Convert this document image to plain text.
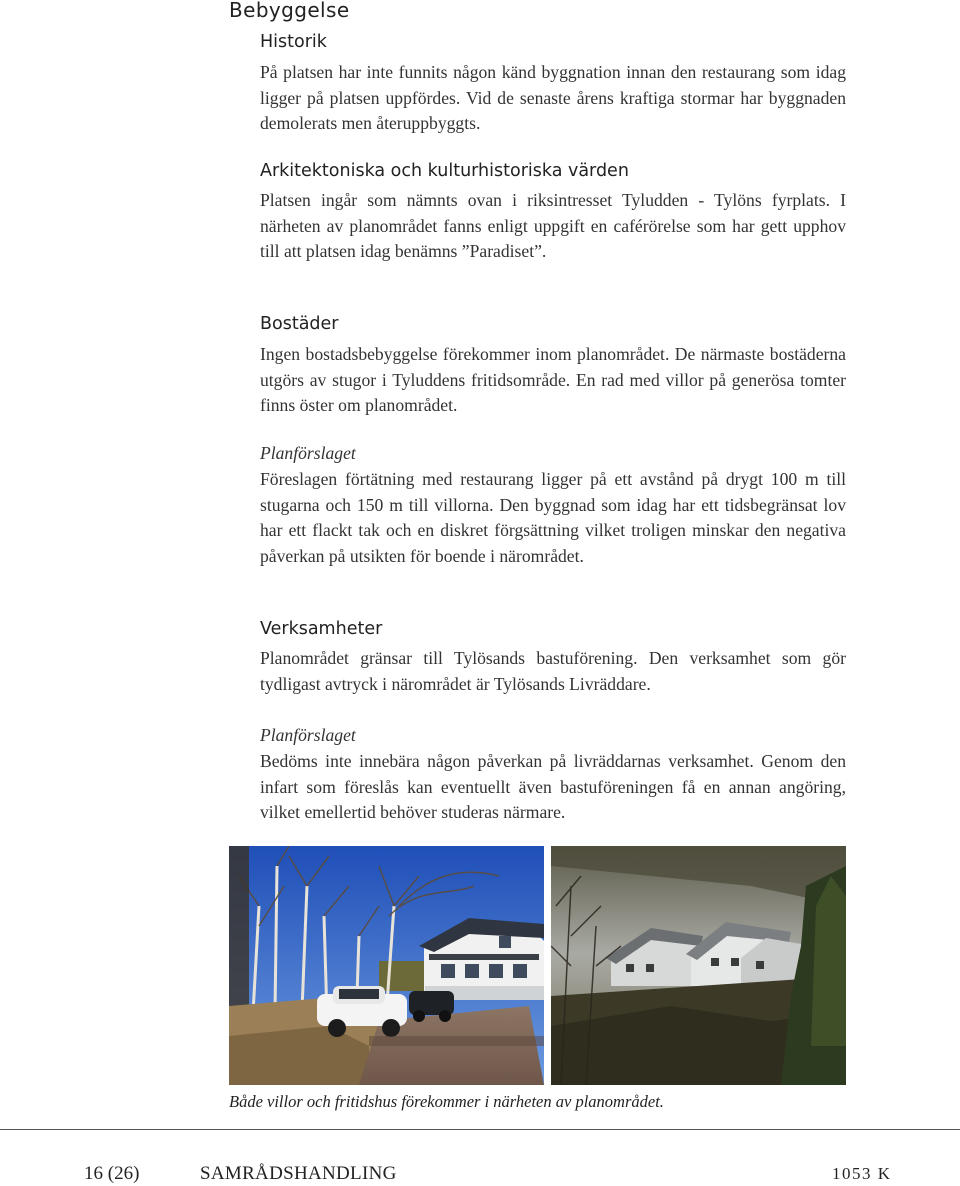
Bebyggelse
Historik

På platsen har inte funnits någon känd byggnation innan den restaurang som idag ligger på platsen uppfördes. Vid de senaste årens kraftiga stormar har byggnaden demolerats men återuppbyggts.

Arkitektoniska och kulturhistoriska värden

Platsen ingår som nämnts ovan i riksintresset Tyludden - Tylöns fyrplats. I närheten av planområdet fanns enligt uppgift en caférörelse som har gett upphov till att platsen idag benämns ”Paradiset”.

Bostäder

Ingen bostadsbebyggelse förekommer inom planområdet. De närmaste bostäderna utgörs av stugor i Tyluddens fritidsområde. En rad med villor på generösa tomter finns öster om planområdet.

Planförslaget

Föreslagen förtätning med restaurang ligger på ett avstånd på drygt 100 m till stugarna och 150 m till villorna. Den byggnad som idag har ett tidsbegränsat lov har ett flackt tak och en diskret förgsättning vilket troligen minskar den negativa påverkan på utsikten för boende i närområdet.

Verksamheter

Planområdet gränsar till Tylösands bastuförening. Den verksamhet som gör tydligast avtryck i närområdet är Tylösands Livräddare.

Planförslaget

Bedöms inte innebära någon påverkan på livräddarnas verksamhet. Genom den infart som föreslås kan eventuellt även bastuföreningen få en annan angöring, vilket emellertid behöver studeras närmare.

Både villor och fritidshus förekommer i närheten av planområdet.

16 (26)	SAMRÅDSHANDLING	1053 K
